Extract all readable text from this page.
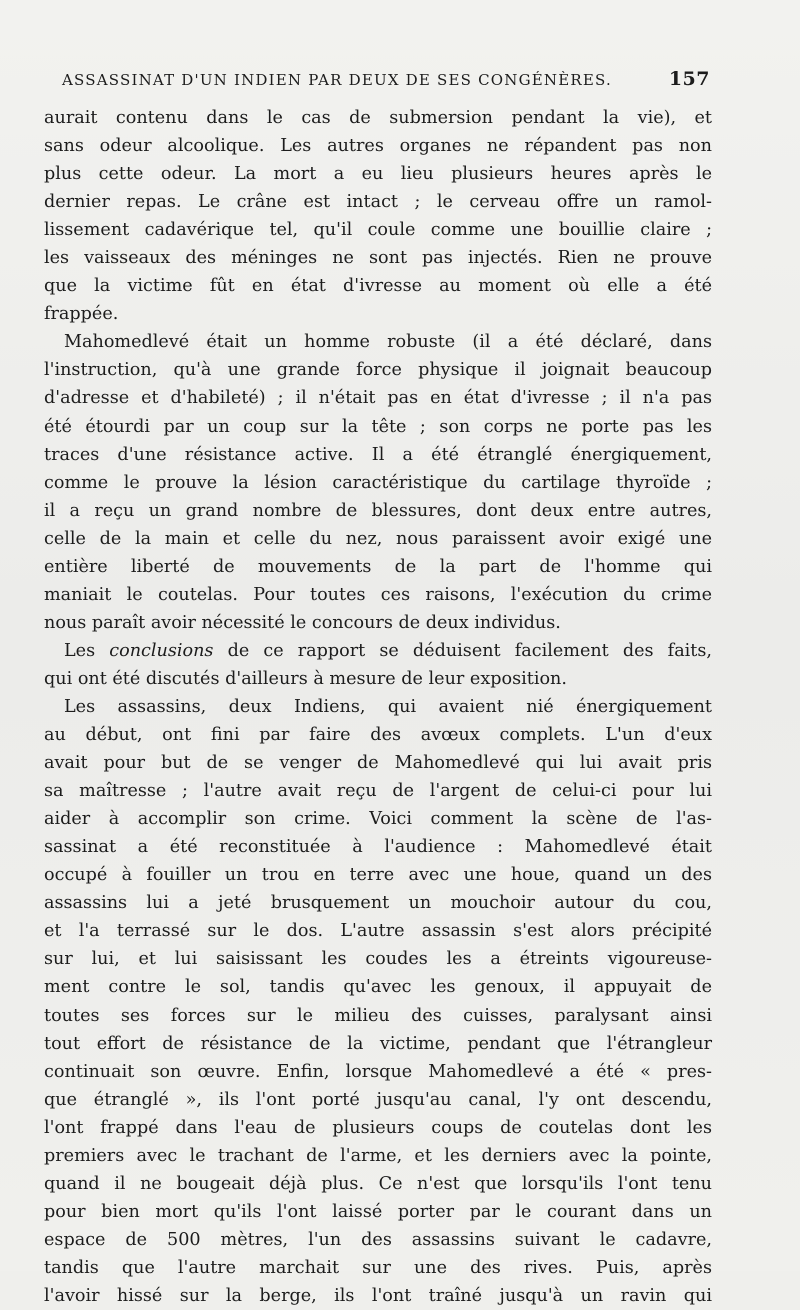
ASSASSINAT D'UN INDIEN PAR DEUX DE SES CONGÉNÈRES.	157
aurait contenu dans le cas de submersion pendant la vie), et
sans odeur alcoolique. Les autres organes ne répandent pas non
plus cette odeur. La mort a eu lieu plusieurs heures après le
dernier repas. Le crâne est intact ; le cerveau offre un ramol-
lissement cadavérique tel, qu'il coule comme une bouillie claire ;
les vaisseaux des méninges ne sont pas injectés. Rien ne prouve
que la victime fût en état d'ivresse au moment où elle a été
frappée.
Mahomedlevé était un homme robuste (il a été déclaré, dans
l'instruction, qu'à une grande force physique il joignait beaucoup
d'adresse et d'habileté) ; il n'était pas en état d'ivresse ; il n'a pas
été étourdi par un coup sur la tête ; son corps ne porte pas les
traces d'une résistance active. Il a été étranglé énergiquement,
comme le prouve la lésion caractéristique du cartilage thyroïde ;
il a reçu un grand nombre de blessures, dont deux entre autres,
celle de la main et celle du nez, nous paraissent avoir exigé une
entière liberté de mouvements de la part de l'homme qui
maniait le coutelas. Pour toutes ces raisons, l'exécution du crime
nous paraît avoir nécessité le concours de deux individus.
Les conclusions de ce rapport se déduisent facilement des faits,
qui ont été discutés d'ailleurs à mesure de leur exposition.
Les assassins, deux Indiens, qui avaient nié énergiquement
au début, ont fini par faire des avœux complets. L'un d'eux
avait pour but de se venger de Mahomedlevé qui lui avait pris
sa maîtresse ; l'autre avait reçu de l'argent de celui-ci pour lui
aider à accomplir son crime. Voici comment la scène de l'as-
sassinat a été reconstituée à l'audience : Mahomedlevé était
occupé à fouiller un trou en terre avec une houe, quand un des
assassins lui a jeté brusquement un mouchoir autour du cou,
et l'a terrassé sur le dos. L'autre assassin s'est alors précipité
sur lui, et lui saisissant les coudes les a étreints vigoureuse-
ment contre le sol, tandis qu'avec les genoux, il appuyait de
toutes ses forces sur le milieu des cuisses, paralysant ainsi
tout effort de résistance de la victime, pendant que l'étrangleur
continuait son œuvre. Enfin, lorsque Mahomedlevé a été « pres-
que étranglé », ils l'ont porté jusqu'au canal, l'y ont descendu,
l'ont frappé dans l'eau de plusieurs coups de coutelas dont les
premiers avec le trachant de l'arme, et les derniers avec la pointe,
quand il ne bougeait déjà plus. Ce n'est que lorsqu'ils l'ont tenu
pour bien mort qu'ils l'ont laissé porter par le courant dans un
espace de 500 mètres, l'un des assassins suivant le cadavre,
tandis que l'autre marchait sur une des rives. Puis, après
l'avoir hissé sur la berge, ils l'ont traîné jusqu'à un ravin qui
